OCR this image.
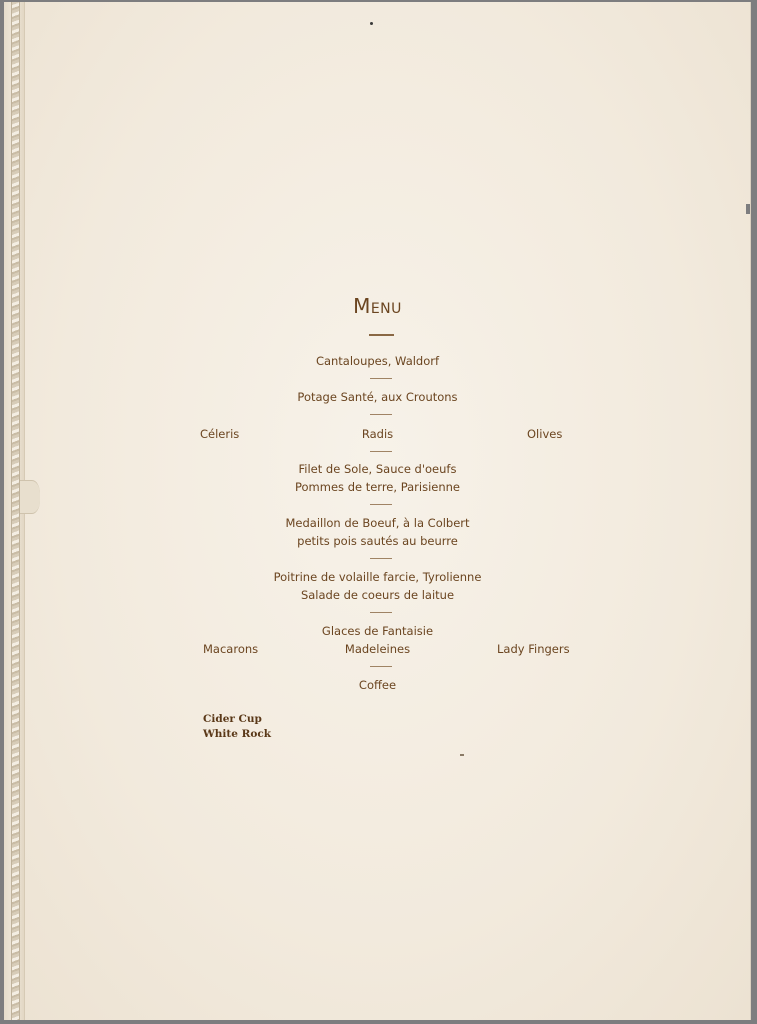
Menu
Cantaloupes, Waldorf
Potage Santé, aux Croutons
Céleris	Radis	Olives
Filet de Sole, Sauce d'oeufs
Pommes de terre, Parisienne
Medaillon de Boeuf, à la Colbert
petits pois sautés au beurre
Poitrine de volaille farcie, Tyrolienne
Salade de coeurs de laitue
Glaces de Fantaisie
Macarons	Madeleines	Lady Fingers
Coffee
Cider Cup
White Rock
